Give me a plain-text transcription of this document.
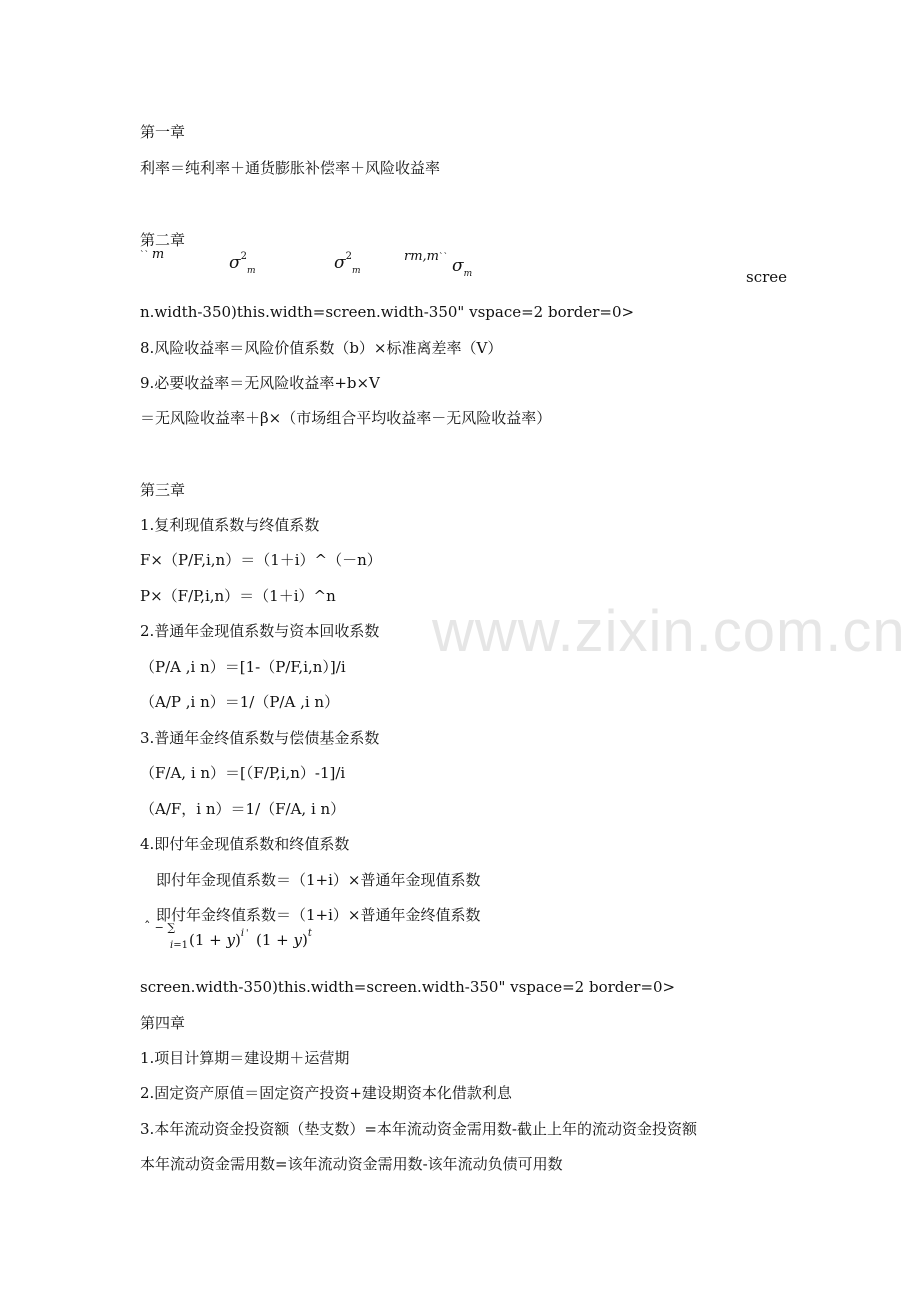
www.zixin.com.cn
第一章
利率＝纯利率＋通货膨胀补偿率＋风险收益率
第二章
`` m	$\sigma^2_m$	$\sigma^2_m$
rm,m`` $\sigma_m$	scree
n.width-350)this.width=screen.width-350" vspace=2 border=0>
8.风险收益率＝风险价值系数（b）×标准离差率（V）
9.必要收益率＝无风险收益率+b×V
＝无风险收益率＋β×（市场组合平均收益率－无风险收益率）
第三章
1.复利现值系数与终值系数
F×（P/F,i,n）＝（1＋i）^（－n）
P×（F/P,i,n）＝（1＋i）^n
2.普通年金现值系数与资本回收系数
（P/A ,i n）＝[1-（P/F,i,n）]/i
（A/P ,i n）＝1/（P/A ,i n）
3.普通年金终值系数与偿债基金系数
（F/A, i n）＝[（F/P,i,n）-1]/i
（A/F，i n）＝1/（F/A, i n）
4.即付年金现值系数和终值系数
即付年金现值系数＝（1+i）×普通年金现值系数
即付年金终值系数＝（1+i）×普通年金终值系数
ˆ − ∑
i=1 $(1 + y)^i$ ' $(1 + y)^t$
screen.width-350)this.width=screen.width-350" vspace=2 border=0>
第四章
1.项目计算期＝建设期＋运营期
2.固定资产原值＝固定资产投资+建设期资本化借款利息
3.本年流动资金投资额（垫支数）=本年流动资金需用数-截止上年的流动资金投资额
本年流动资金需用数=该年流动资金需用数-该年流动负债可用数
